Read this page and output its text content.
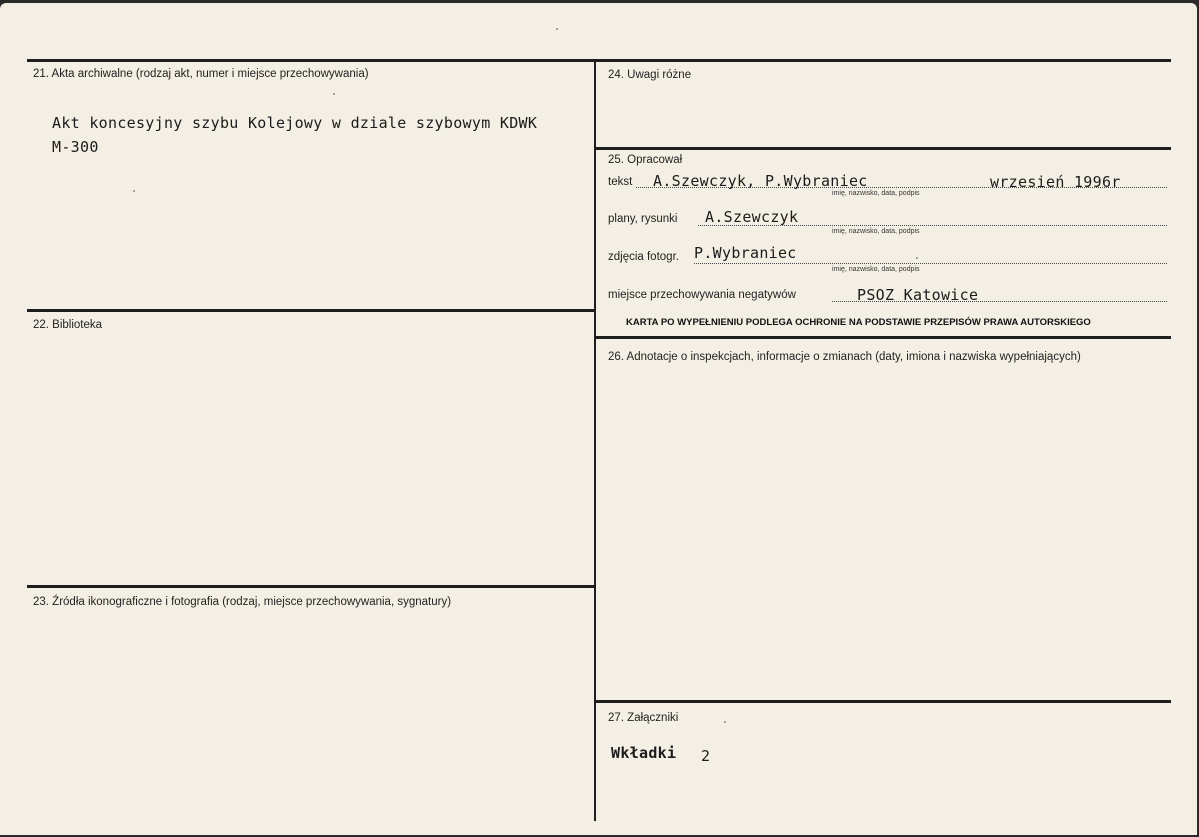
21. Akta archiwalne (rodzaj akt, numer i miejsce przechowywania)
Akt koncesyjny szybu Kolejowy w dziale szybowym KDWK
M-300
22. Biblioteka
23. Źródła ikonograficzne i fotografia (rodzaj, miejsce przechowywania, sygnatury)
24. Uwagi różne
25. Opracował
tekst A.Szewczyk, P.Wybraniec	wrzesień 1996r
imię, nazwisko, data, podpis
plany, rysunki A.Szewczyk
imię, nazwisko, data, podpis
zdjęcia fotogr. P.Wybraniec
imię, nazwisko, data, podpis
miejsce przechowywania negatywów	PSOZ Katowice
KARTA PO WYPEŁNIENIU PODLEGA OCHRONIE NA PODSTAWIE PRZEPISÓW PRAWA AUTORSKIEGO
26. Adnotacje o inspekcjach, informacje o zmianach (daty, imiona i nazwiska wypełniających)
27. Załączniki
Wkładki 2
